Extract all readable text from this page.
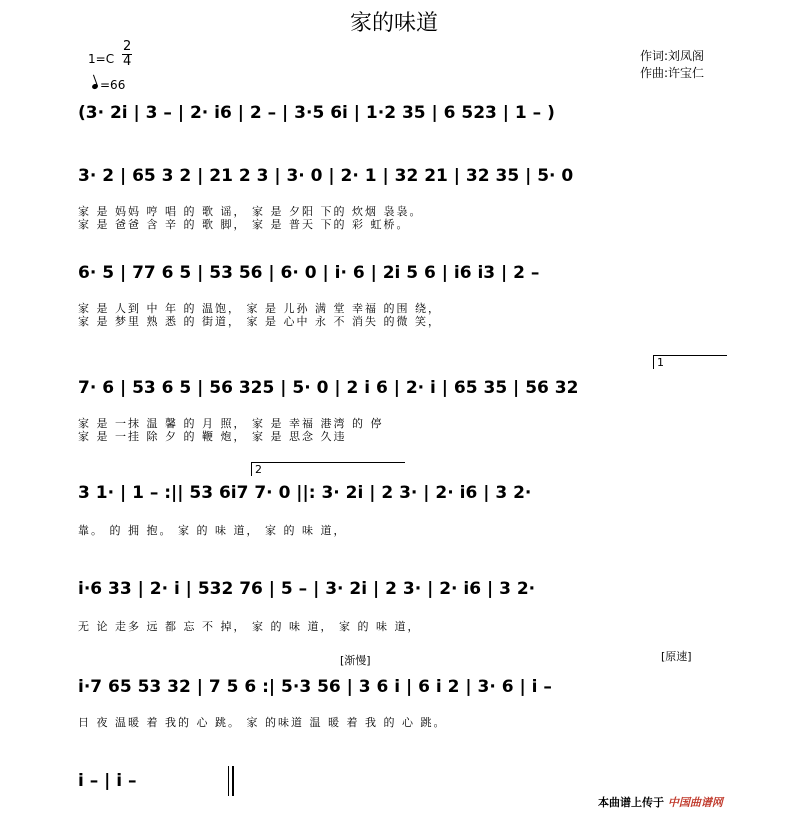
家的味道
作词:刘凤阁
作曲:许宝仁
1=C
2
4
=66
(3· 2i | 3 – | 2· i6 | 2 – | 3·5 6i | 1·2 35 | 6 523 | 1 – )
3· 2 | 65 3 2 | 21 2 3 | 3· 0 | 2· 1 | 32 21 | 32 35 | 5· 0
家 是 妈妈 哼 唱 的 歌 谣， 家 是 夕阳 下的 炊烟 袅袅。
家 是 爸爸 含 辛 的 歌 脚， 家 是 普天 下的 彩 虹桥。
6· 5 | 77 6 5 | 53 56 | 6· 0 | i· 6 | 2i 5 6 | i6 i3 | 2 –
家 是 人到 中 年 的 温饱， 家 是 儿孙 满 堂 幸福 的围 绕，
家 是 梦里 熟 悉 的 街道， 家 是 心中 永 不 消失 的微 笑，
1
7· 6 | 53 6 5 | 56 325 | 5· 0 | 2 i 6 | 2· i | 65 35 | 56 32
家 是 一抹 温 馨 的 月 照， 家 是 幸福 港湾 的 停
家 是 一挂 除 夕 的 鞭 炮， 家 是 思念 久违
2
3 1· | 1 – :|| 53 6i7 7· 0 ||: 3· 2i | 2 3· | 2· i6 | 3 2·
靠。 的 拥 抱。 家 的 味 道， 家 的 味 道，
i·6 33 | 2· i | 532 76 | 5 – | 3· 2i | 2 3· | 2· i6 | 3 2·
无 论 走多 远 都 忘 不 掉， 家 的 味 道， 家 的 味 道，
[渐慢]	[原速]
i·7 65 53 32 | 7 5 6 :| 5·3 56 | 3 6 i | 6 i 2 | 3· 6 | i –
日 夜 温暖 着 我的 心 跳。 家 的味道 温 暖 着 我 的 心 跳。
i – | i –
本曲谱上传于 中国曲谱网
